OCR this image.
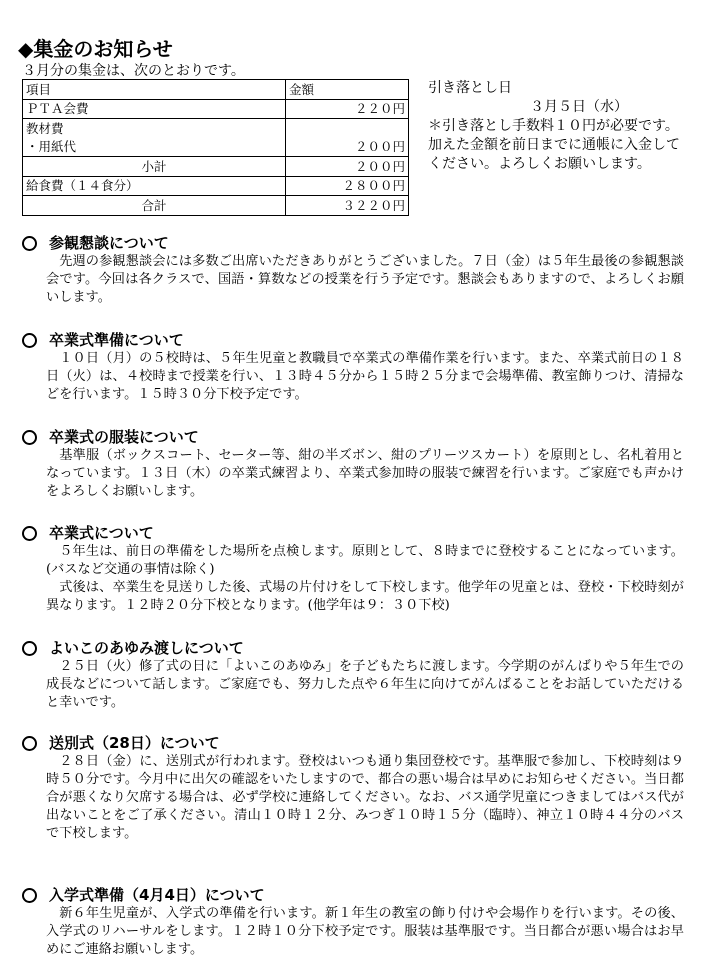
◆集金のお知らせ
３月分の集金は、次のとおりです。
項目	金額
ＰＴＡ会費	２２０円
教材費	
・用紙代	２００円
小計	２００円
給食費（１４食分）	２８００円
合計	３２２０円
引き落とし日
３月５日（水）
＊引き落とし手数料１０円が必要です。加えた金額を前日までに通帳に入金してください。よろしくお願いします。
参観懇談について

先週の参観懇談会には多数ご出席いただきありがとうございました。７日（金）は５年生最後の参観懇談会です。今回は各クラスで、国語・算数などの授業を行う予定です。懇談会もありますので、よろしくお願いします。

卒業式準備について

１０日（月）の５校時は、５年生児童と教職員で卒業式の準備作業を行います。また、卒業式前日の１８日（火）は、４校時まで授業を行い、１３時４５分から１５時２５分まで会場準備、教室飾りつけ、清掃などを行います。１５時３０分下校予定です。

卒業式の服装について

基準服（ボックスコート、セーター等、紺の半ズボン、紺のプリーツスカート）を原則とし、名札着用となっています。１３日（木）の卒業式練習より、卒業式参加時の服装で練習を行います。ご家庭でも声かけをよろしくお願いします。

卒業式について

５年生は、前日の準備をした場所を点検します。原則として、８時までに登校することになっています。(バスなど交通の事情は除く)

式後は、卒業生を見送りした後、式場の片付けをして下校します。他学年の児童とは、登校・下校時刻が異なります。１２時２０分下校となります。(他学年は９：３０下校)

よいこのあゆみ渡しについて

２５日（火）修了式の日に「よいこのあゆみ」を子どもたちに渡します。今学期のがんばりや５年生での成長などについて話します。ご家庭でも、努力した点や６年生に向けてがんばることをお話していただけると幸いです。

送別式（28日）について

２８日（金）に、送別式が行われます。登校はいつも通り集団登校です。基準服で参加し、下校時刻は９時５０分です。今月中に出欠の確認をいたしますので、都合の悪い場合は早めにお知らせください。当日都合が悪くなり欠席する場合は、必ず学校に連絡してください。なお、バス通学児童につきましてはバス代が出ないことをご了承ください。清山１０時１２分、みつぎ１０時１５分（臨時）、神立１０時４４分のバスで下校します。

入学式準備（4月4日）について

新６年生児童が、入学式の準備を行います。新１年生の教室の飾り付けや会場作りを行います。その後、入学式のリハーサルをします。１２時１０分下校予定です。服装は基準服です。当日都合が悪い場合はお早めにご連絡お願いします。
